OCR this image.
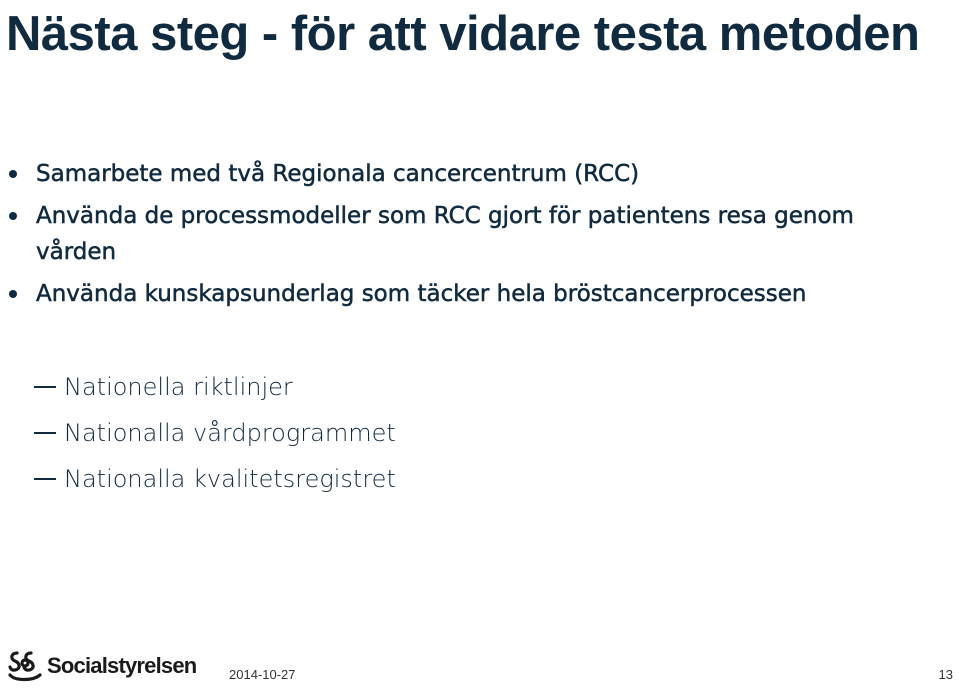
Nästa steg - för att vidare testa metoden
Samarbete med två Regionala cancercentrum (RCC)
Använda de processmodeller som RCC gjort för patientens resa genom vården
Använda kunskapsunderlag som täcker hela bröstcancerprocessen
Nationella riktlinjer
Nationalla vårdprogrammet
Nationalla kvalitetsregistret
Socialstyrelsen	2014-10-27	13
